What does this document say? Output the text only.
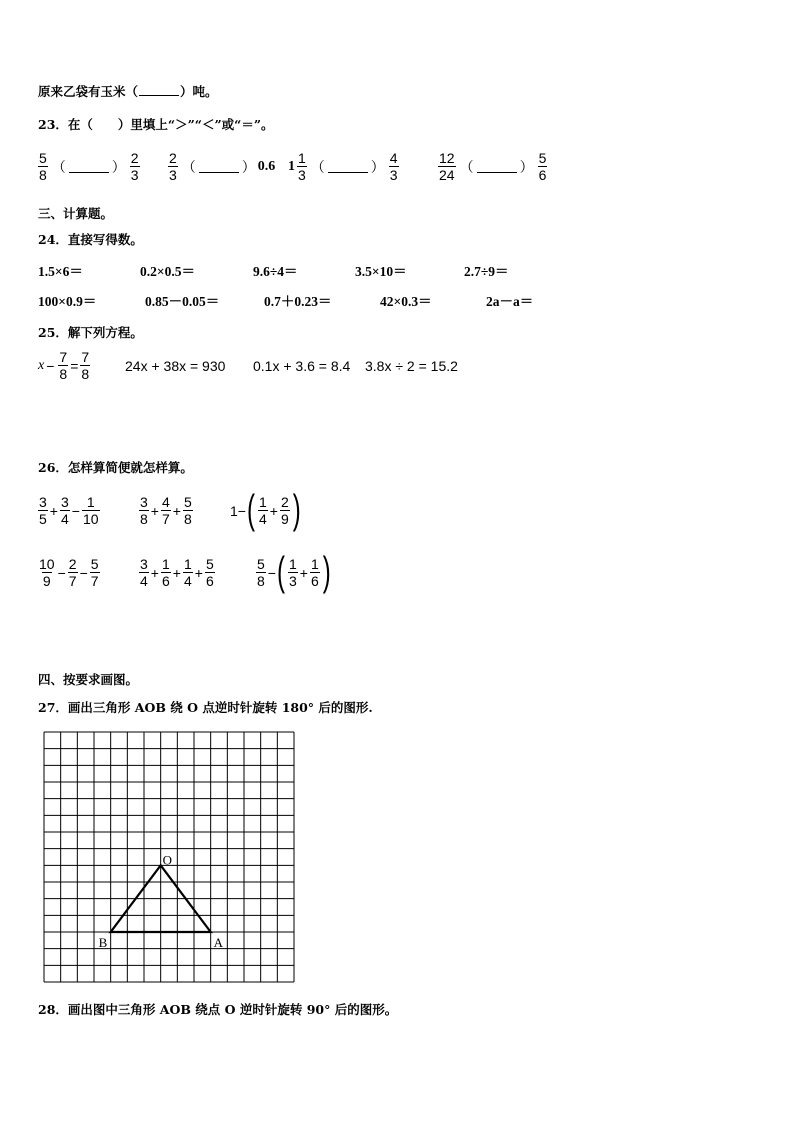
原来乙袋有玉米（	）吨。
23．在（　　）里填上“＞”“＜”或“＝”。
$\frac{5}{8}$ （	） $\frac{2}{3} \frac{2}{3}$ （	） 0.6 $1 \frac{1}{3}$ （	） $\frac{4}{3}$	$\frac{12}{24}$ （	） $\frac{5}{6}$
三、计算题。
24．直接写得数。
1.5×6＝	0.2×0.5＝	9.6÷4＝	3.5×10＝	2.7÷9＝
100×0.9＝	0.85－0.05＝	0.7＋0.23＝	42×0.3＝	2a－a＝
25．解下列方程。
$x - \frac{7}{8} = \frac{7}{8} 24x + 38x = 930$ 0.1x + 3.6 = 8.4 3.8x ÷ 2 = 15.2
26．怎样算简便就怎样算。
$\frac{3}{5} + \frac{3}{4} - \frac{1}{10}$	$\frac{3}{8} + \frac{4}{7} + \frac{5}{8}$	1− ( $\frac{1}{4} + \frac{2}{9}$ )
$\frac{10}{9} - \frac{2}{7} - \frac{5}{7}$	$\frac{3}{4} + \frac{1}{6} + \frac{1}{4} + \frac{5}{6}$	$\frac{5}{8}$ − ( $\frac{1}{3} + \frac{1}{6}$ )
四、按要求画图。
27．画出三角形 AOB 绕 O 点逆时针旋转 180° 后的图形.
O
A
B
28．画出图中三角形 AOB 绕点 O 逆时针旋转 90° 后的图形。
